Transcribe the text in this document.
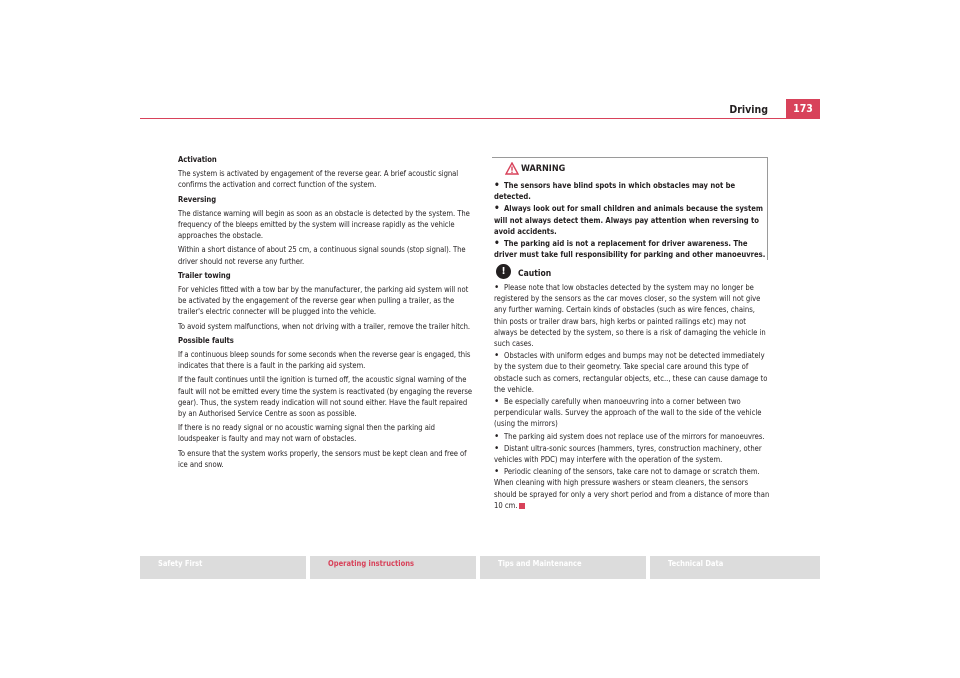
Driving	173

Activation

The system is activated by engagement of the reverse gear. A brief acoustic signal confirms the activation and correct function of the system.

Reversing

The distance warning will begin as soon as an obstacle is detected by the system. The frequency of the bleeps emitted by the system will increase rapidly as the vehicle approaches the obstacle.

Within a short distance of about 25 cm, a continuous signal sounds (stop signal). The driver should not reverse any further.

Trailer towing

For vehicles fitted with a tow bar by the manufacturer, the parking aid system will not be activated by the engagement of the reverse gear when pulling a trailer, as the trailer's electric connecter will be plugged into the vehicle.

To avoid system malfunctions, when not driving with a trailer, remove the trailer hitch.

Possible faults

If a continuous bleep sounds for some seconds when the reverse gear is engaged, this indicates that there is a fault in the parking aid system.

If the fault continues until the ignition is turned off, the acoustic signal warning of the fault will not be emitted every time the system is reactivated (by engaging the reverse gear). Thus, the system ready indication will not sound either. Have the fault repaired by an Authorised Service Centre as soon as possible.

If there is no ready signal or no acoustic warning signal then the parking aid loudspeaker is faulty and may not warn of obstacles.

To ensure that the system works properly, the sensors must be kept clean and free of ice and snow.

WARNING

• The sensors have blind spots in which obstacles may not be detected.

• Always look out for small children and animals because the system will not always detect them. Always pay attention when reversing to avoid accidents.

• The parking aid is not a replacement for driver awareness. The driver must take full responsibility for parking and other manoeuvres.

!	Caution

• Please note that low obstacles detected by the system may no longer be registered by the sensors as the car moves closer, so the system will not give any further warning. Certain kinds of obstacles (such as wire fences, chains, thin posts or trailer draw bars, high kerbs or painted railings etc) may not always be detected by the system, so there is a risk of damaging the vehicle in such cases.

• Obstacles with uniform edges and bumps may not be detected immediately by the system due to their geometry. Take special care around this type of obstacle such as corners, rectangular objects, etc.., these can cause damage to the vehicle.

• Be especially carefully when manoeuvring into a corner between two perpendicular walls. Survey the approach of the wall to the side of the vehicle (using the mirrors)

• The parking aid system does not replace use of the mirrors for manoeuvres.

• Distant ultra-sonic sources (hammers, tyres, construction machinery, other vehicles with PDC) may interfere with the operation of the system.

• Periodic cleaning of the sensors, take care not to damage or scratch them. When cleaning with high pressure washers or steam cleaners, the sensors should be sprayed for only a very short period and from a distance of more than 10 cm.

Safety First	Operating instructions	Tips and Maintenance	Technical Data
